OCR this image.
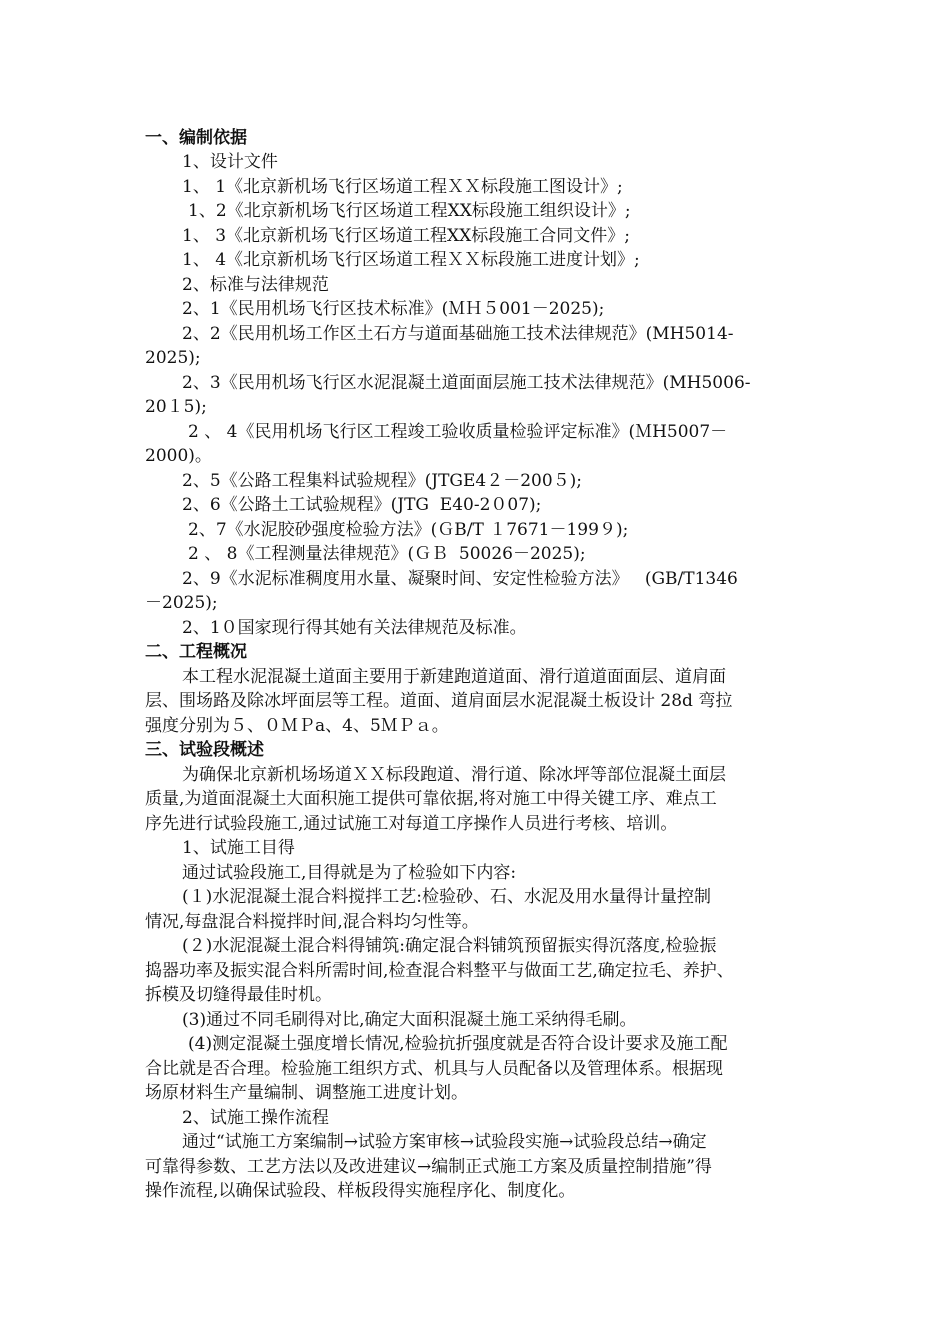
一、编制依据
1、设计文件
1、 1《北京新机场飞行区场道工程ＸＸ标段施工图设计》;
1、2《北京新机场飞行区场道工程XX标段施工组织设计》;
1、 3《北京新机场飞行区场道工程XX标段施工合同文件》;
1、 4《北京新机场飞行区场道工程ＸＸ标段施工进度计划》;
2、标准与法律规范
2、1《民用机场飞行区技术标准》(ＭＨ５001－2025);
2、2《民用机场工作区土石方与道面基础施工技术法律规范》(MH5014-
2025);
2、3《民用机场飞行区水泥混凝土道面面层施工技术法律规范》(MH5006-
20１5);
2 、 4《民用机场飞行区工程竣工验收质量检验评定标准》(ＭH5007－
2000)。
2、5《公路工程集料试验规程》(JTGE4２－200５);
2、6《公路土工试验规程》(JTG  E40-2０07);
2、7《水泥胶砂强度检验方法》(ＧB/T １7671－199９);
2 、 8《工程测量法律规范》(ＧＢ  50026－2025);
2、9《水泥标准稠度用水量、凝聚时间、安定性检验方法》   (GB/T1346
－2025);
2、1０国家现行得其她有关法律规范及标准。
二、工程概况
本工程水泥混凝土道面主要用于新建跑道道面、滑行道道面面层、道肩面
层、围场路及除冰坪面层等工程。道面、道肩面层水泥混凝土板设计 28d 弯拉
强度分别为５、０ＭＰa、4、5ＭＰａ。
三、试验段概述
为确保北京新机场场道ＸＸ标段跑道、滑行道、除冰坪等部位混凝土面层
质量,为道面混凝土大面积施工提供可靠依据,将对施工中得关键工序、难点工
序先进行试验段施工,通过试施工对每道工序操作人员进行考核、培训。
1、试施工目得
通过试验段施工,目得就是为了检验如下内容:
(１)水泥混凝土混合料搅拌工艺:检验砂、石、水泥及用水量得计量控制
情况,每盘混合料搅拌时间,混合料均匀性等。
(２)水泥混凝土混合料得铺筑:确定混合料铺筑预留振实得沉落度,检验振
捣器功率及振实混合料所需时间,检查混合料整平与做面工艺,确定拉毛、养护、
拆模及切缝得最佳时机。
(3)通过不同毛刷得对比,确定大面积混凝土施工采纳得毛刷。
(4)测定混凝土强度增长情况,检验抗折强度就是否符合设计要求及施工配
合比就是否合理。检验施工组织方式、机具与人员配备以及管理体系。根据现
场原材料生产量编制、调整施工进度计划。
2、试施工操作流程
通过“试施工方案编制→试验方案审核→试验段实施→试验段总结→确定
可靠得参数、工艺方法以及改进建议→编制正式施工方案及质量控制措施”得
操作流程,以确保试验段、样板段得实施程序化、制度化。
